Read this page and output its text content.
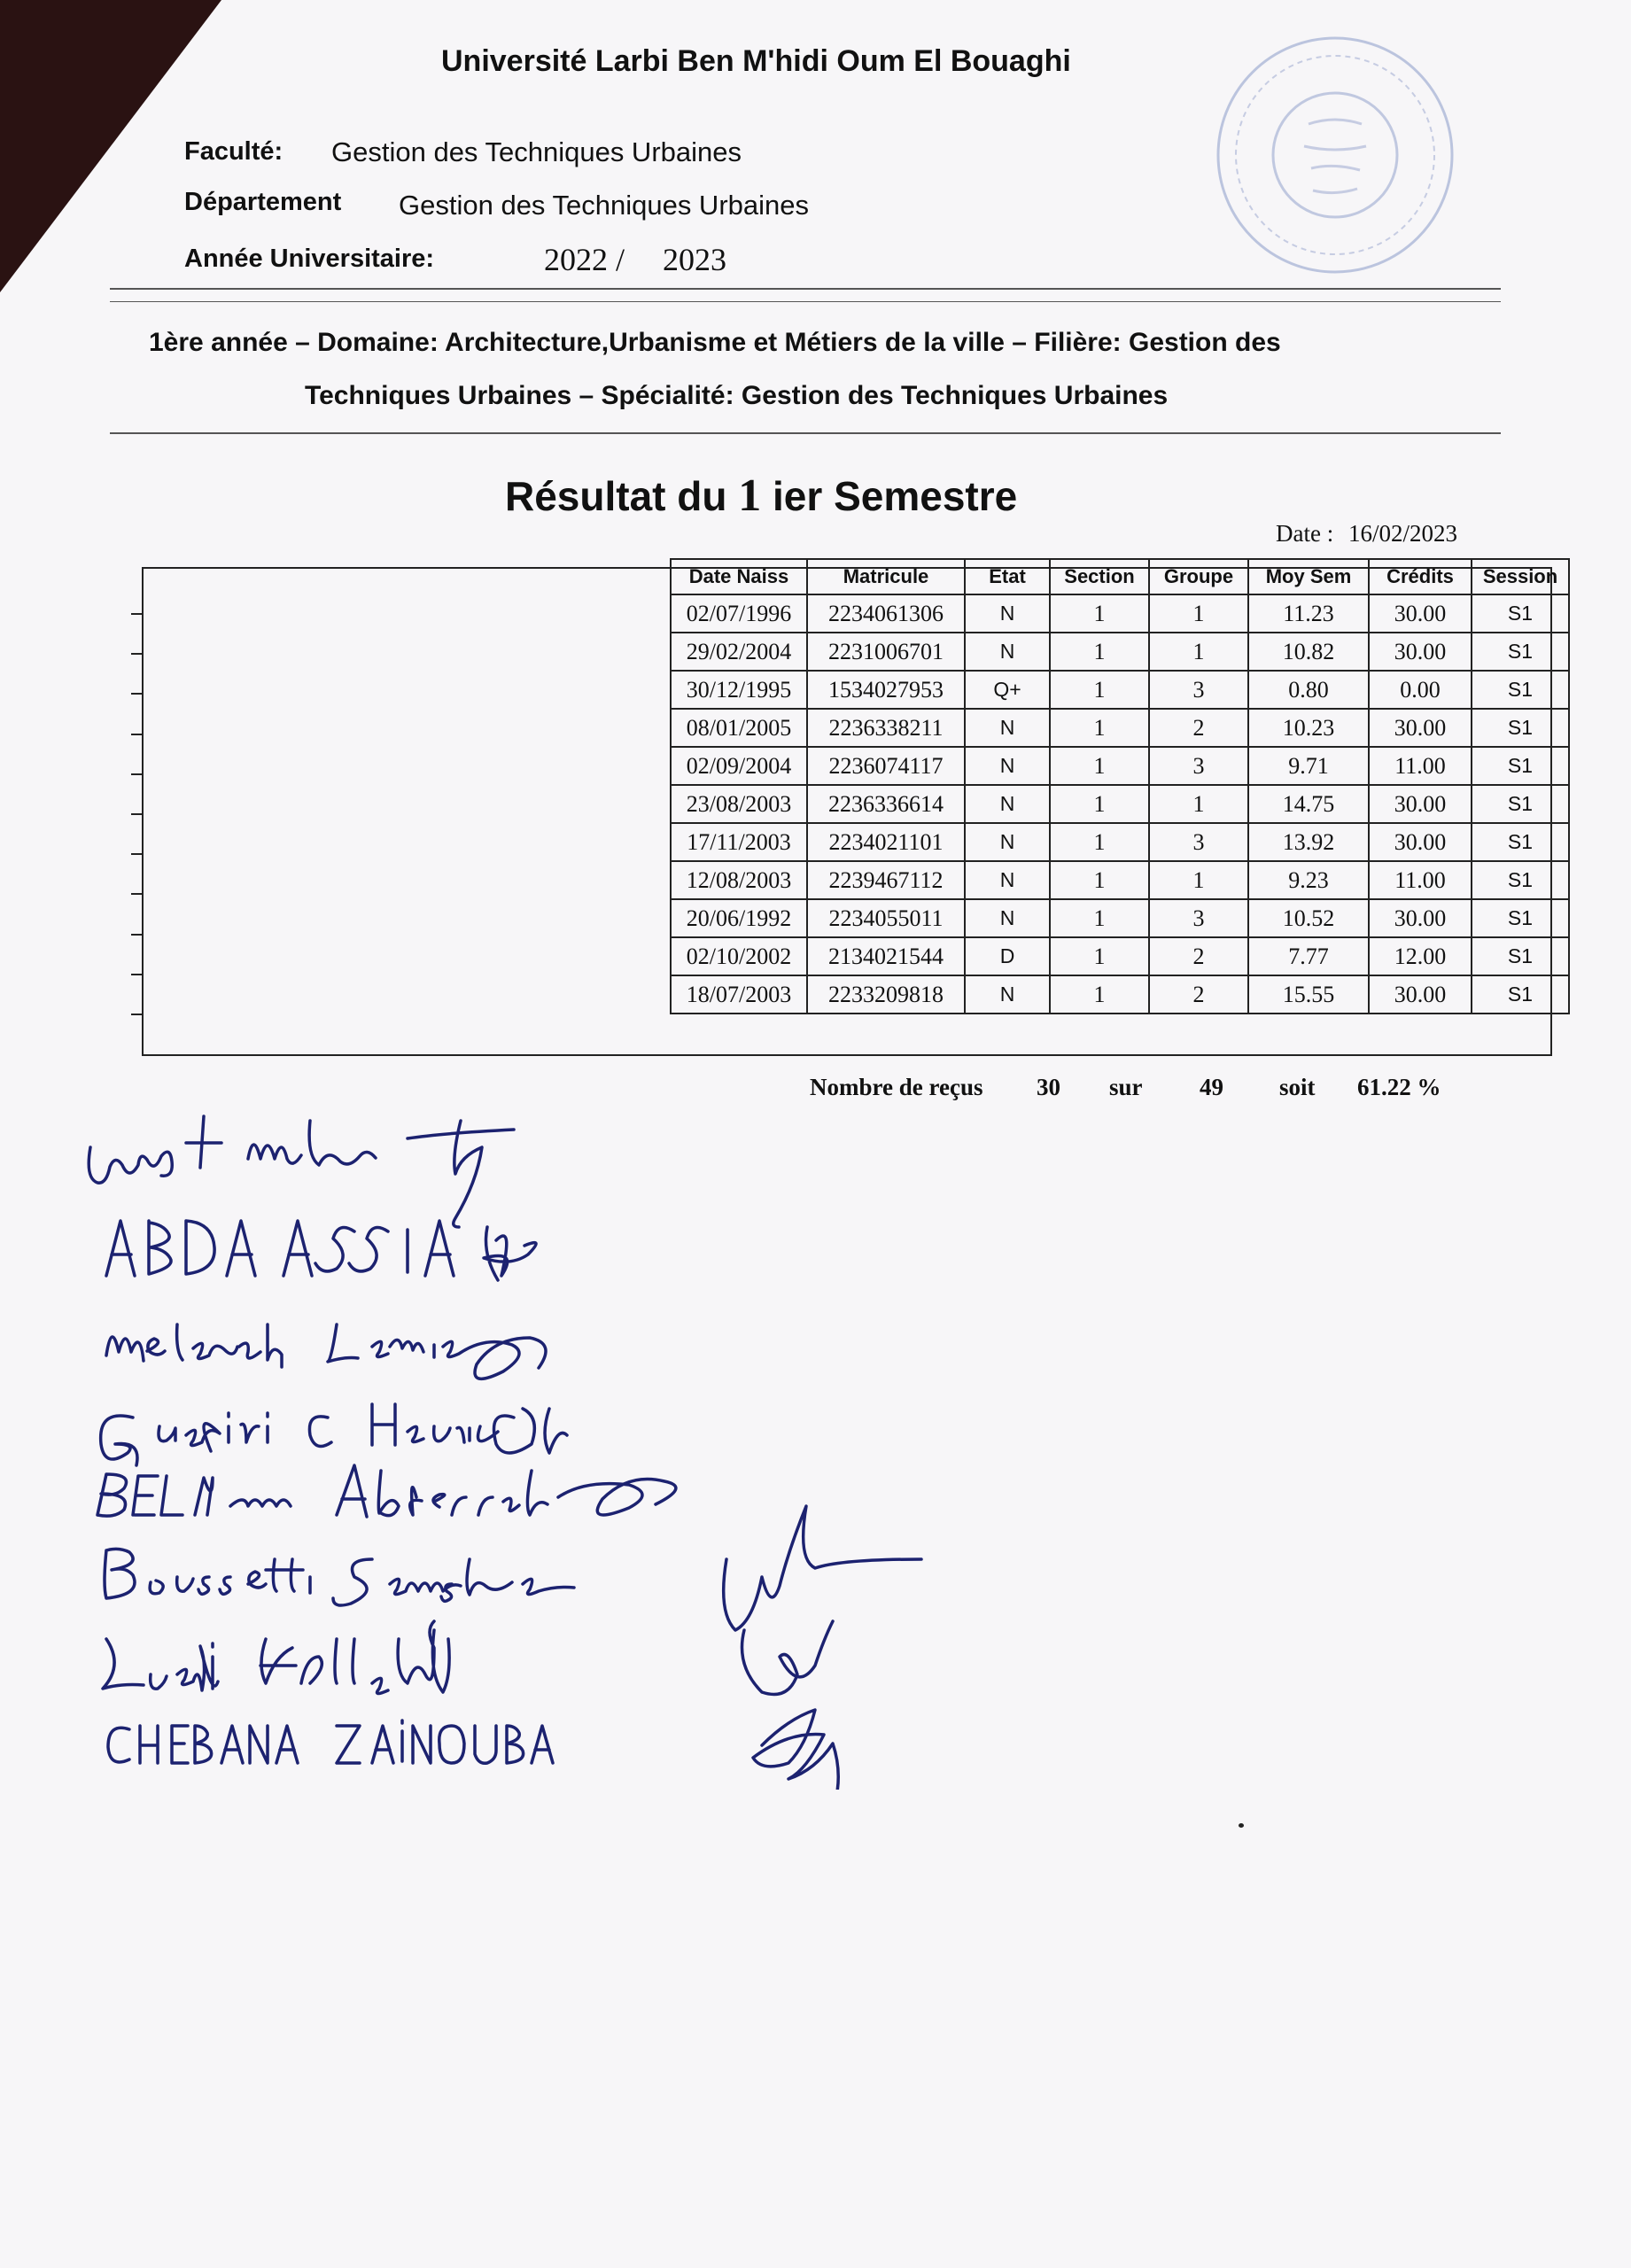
Université Larbi Ben M'hidi Oum El Bouaghi
Faculté: Gestion des Techniques Urbaines
Département Gestion des Techniques Urbaines
Année Universitaire:	2022 / 2023
1ère année – Domaine: Architecture,Urbanisme et Métiers de la ville – Filière: Gestion des
Techniques Urbaines – Spécialité: Gestion des Techniques Urbaines
Résultat du 1 ier Semestre
Date : 16/02/2023
Date Naiss	Matricule	Etat	Section	Groupe	Moy Sem	Crédits	Session
02/07/1996	2234061306	N	1	1	11.23	30.00	S1
29/02/2004	2231006701	N	1	1	10.82	30.00	S1
30/12/1995	1534027953	Q+	1	3	0.80	0.00	S1
08/01/2005	2236338211	N	1	2	10.23	30.00	S1
02/09/2004	2236074117	N	1	3	9.71	11.00	S1
23/08/2003	2236336614	N	1	1	14.75	30.00	S1
17/11/2003	2234021101	N	1	3	13.92	30.00	S1
12/08/2003	2239467112	N	1	1	9.23	11.00	S1
20/06/1992	2234055011	N	1	3	10.52	30.00	S1
02/10/2002	2134021544	D	1	2	7.77	12.00	S1
18/07/2003	2233209818	N	1	2	15.55	30.00	S1
Nombre de reçus 30 sur 49 soit 61.22 %
